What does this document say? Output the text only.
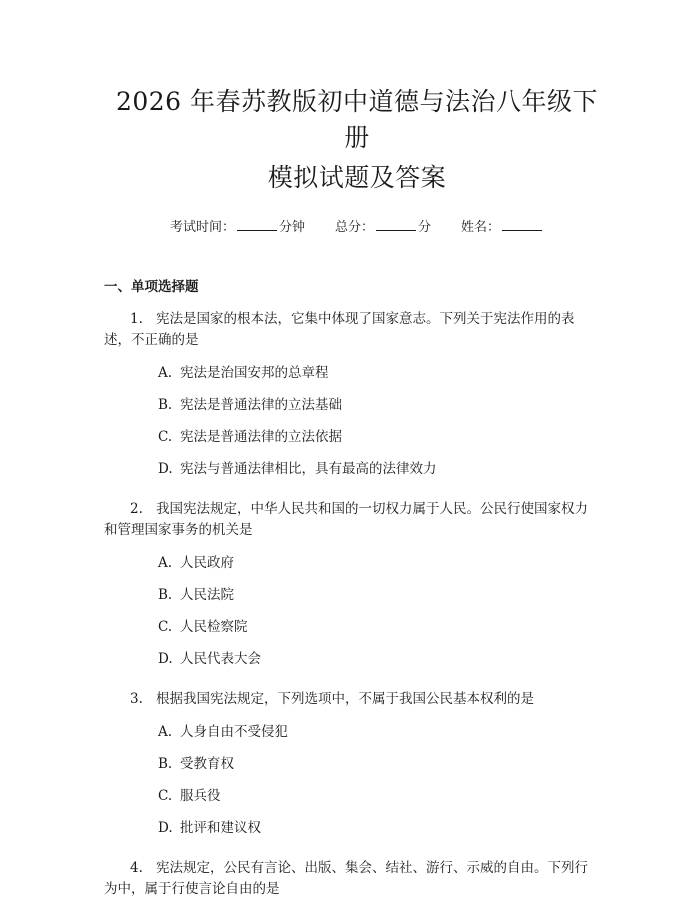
2026 年春苏教版初中道德与法治八年级下册

模拟试题及答案

考试时间：	分钟 总分：	分 姓名：
一、单项选择题

1. 宪法是国家的根本法，它集中体现了国家意志。下列关于宪法作用的表述，不正确的是

A. 宪法是治国安邦的总章程
B. 宪法是普通法律的立法基础
C. 宪法是普通法律的立法依据
D. 宪法与普通法律相比，具有最高的法律效力

2. 我国宪法规定，中华人民共和国的一切权力属于人民。公民行使国家权力和管理国家事务的机关是

A. 人民政府
B. 人民法院
C. 人民检察院
D. 人民代表大会

3. 根据我国宪法规定，下列选项中，不属于我国公民基本权利的是

A. 人身自由不受侵犯
B. 受教育权
C. 服兵役
D. 批评和建议权

4. 宪法规定，公民有言论、出版、集会、结社、游行、示威的自由。下列行为中，属于行使言论自由的是
